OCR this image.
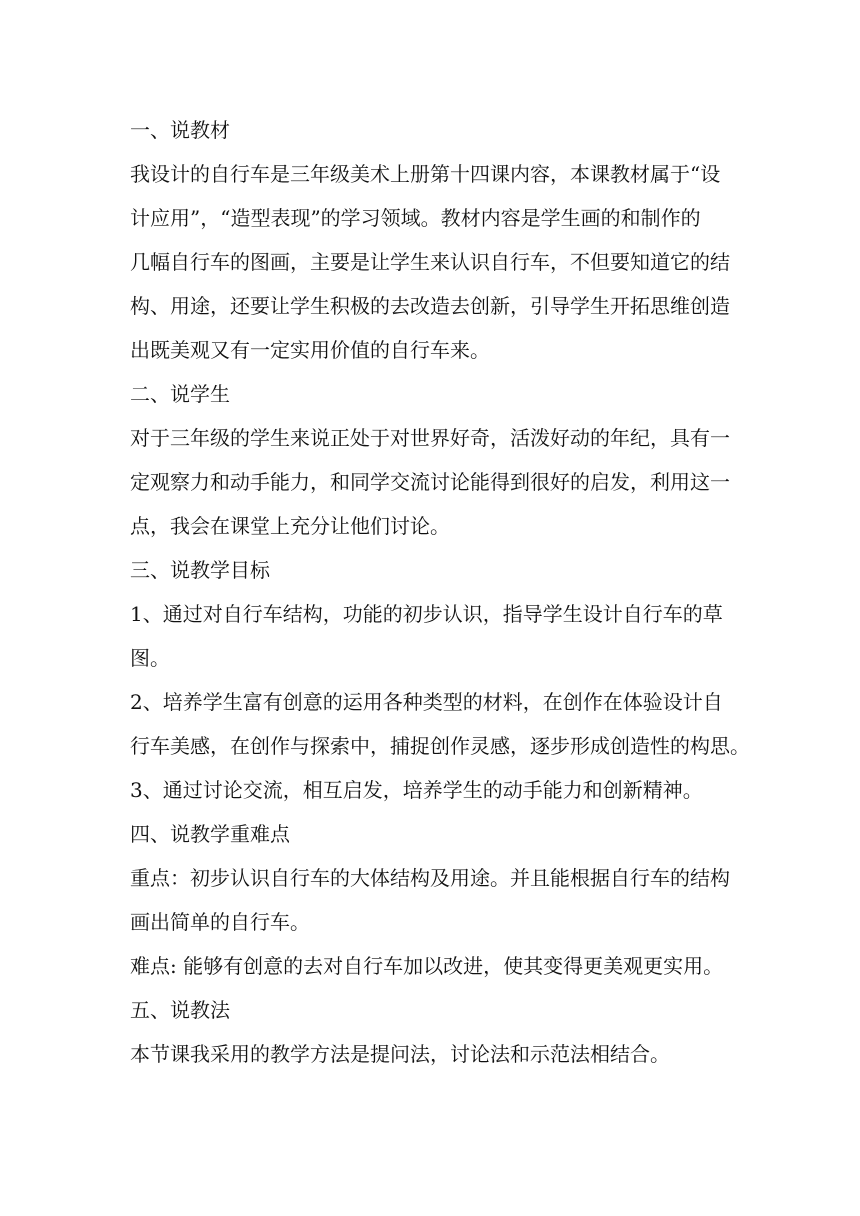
一、说教材
我设计的自行车是三年级美术上册第十四课内容，本课教材属于“设
计应用”，“造型表现”的学习领域。教材内容是学生画的和制作的
几幅自行车的图画，主要是让学生来认识自行车，不但要知道它的结
构、用途，还要让学生积极的去改造去创新，引导学生开拓思维创造
出既美观又有一定实用价值的自行车来。
二、说学生
对于三年级的学生来说正处于对世界好奇，活泼好动的年纪，具有一
定观察力和动手能力，和同学交流讨论能得到很好的启发，利用这一
点，我会在课堂上充分让他们讨论。
三、说教学目标
1、通过对自行车结构，功能的初步认识，指导学生设计自行车的草
图。
2、培养学生富有创意的运用各种类型的材料，在创作在体验设计自
行车美感，在创作与探索中，捕捉创作灵感，逐步形成创造性的构思。
3、通过讨论交流，相互启发，培养学生的动手能力和创新精神。
四、说教学重难点
重点：初步认识自行车的大体结构及用途。并且能根据自行车的结构
画出简单的自行车。
难点: 能够有创意的去对自行车加以改进，使其变得更美观更实用。
五、说教法
本节课我采用的教学方法是提问法，讨论法和示范法相结合。
